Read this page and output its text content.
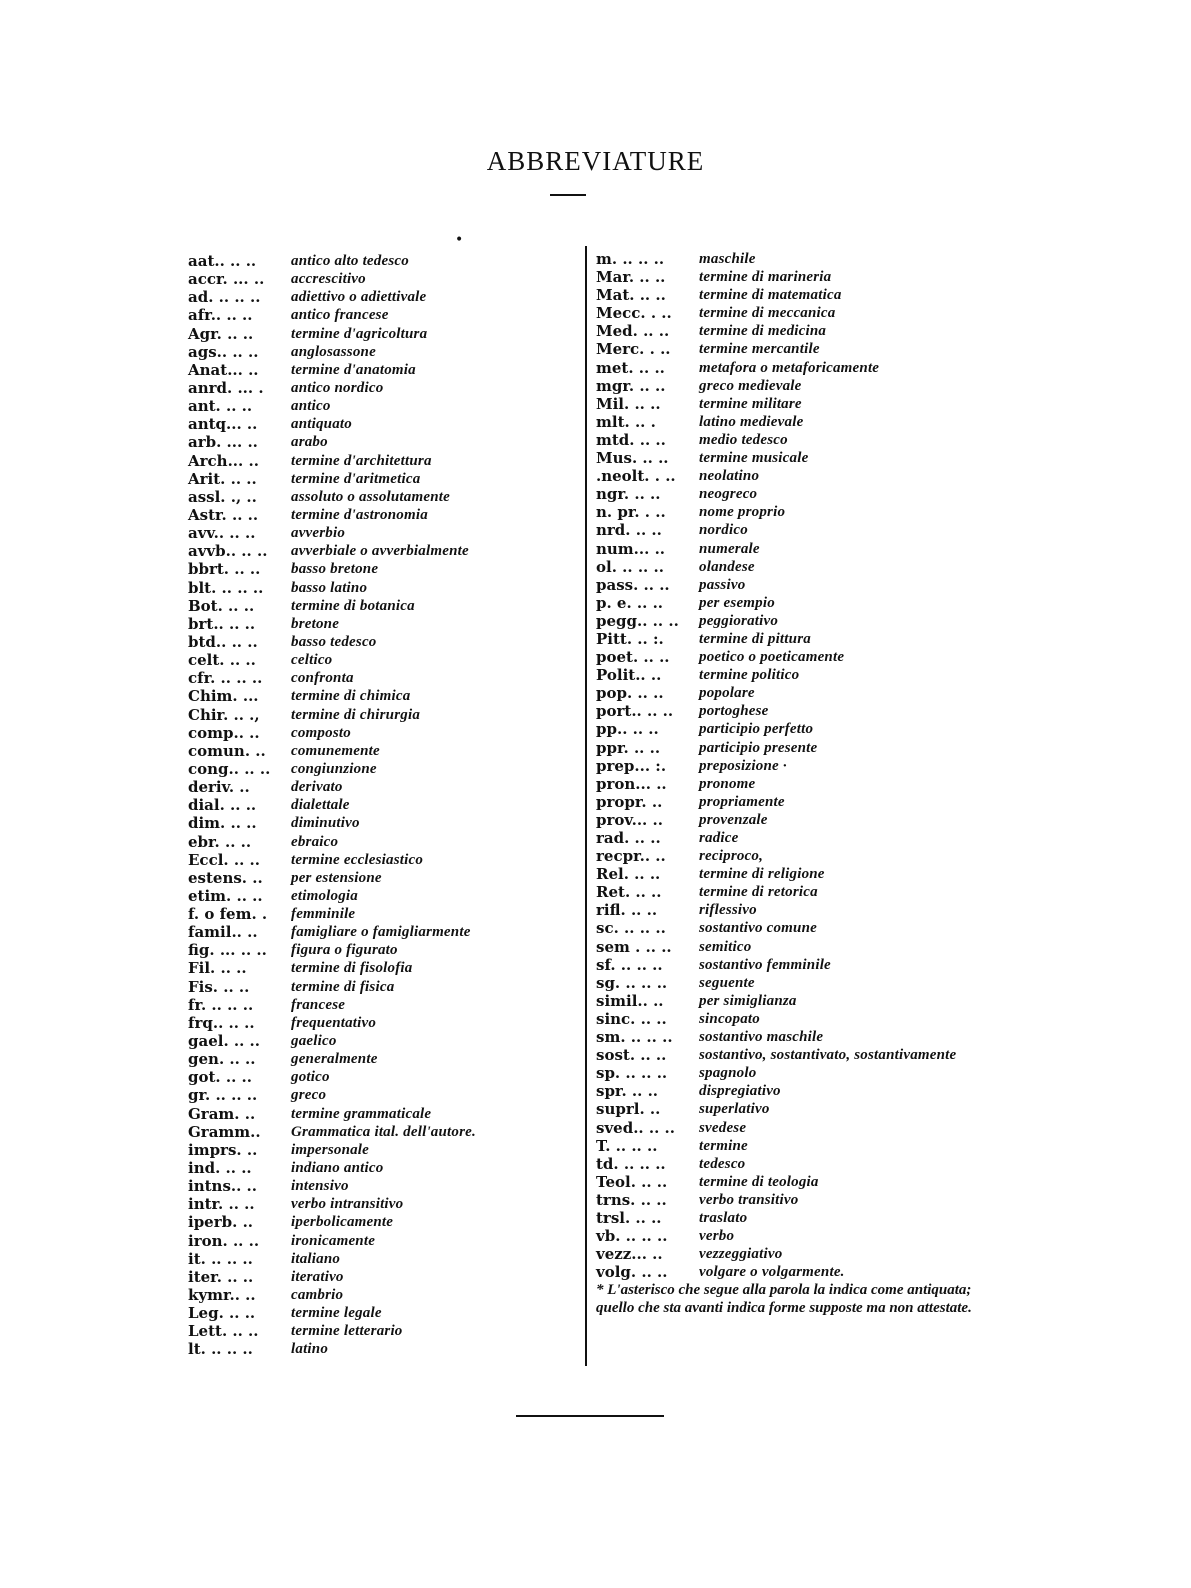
ABBREVIATURE
•
aat.. .. ..	antico alto tedesco
accr. ... ..	accrescitivo
ad. .. .. ..	adiettivo o adiettivale
afr.. .. ..	antico francese
Agr. .. ..	termine d'agricoltura
ags.. .. ..	anglosassone
Anat... ..	termine d'anatomia
anrd. ... .	antico nordico
ant. .. ..	antico
antq... ..	antiquato
arb. ... ..	arabo
Arch... ..	termine d'architettura
Arit. .. ..	termine d'aritmetica
assl. ., ..	assoluto o assolutamente
Astr. .. ..	termine d'astronomia
avv.. .. ..	avverbio
avvb.. .. ..	avverbiale o avverbialmente
bbrt. .. ..	basso bretone
blt. .. .. ..	basso latino
Bot. .. ..	termine di botanica
brt.. .. ..	bretone
btd.. .. ..	basso tedesco
celt. .. ..	celtico
cfr. .. .. ..	confronta
Chim. ...	termine di chimica
Chir. .. .,	termine di chirurgia
comp.. ..	composto
comun. ..	comunemente
cong.. .. ..	congiunzione
deriv. ..	derivato
dial. .. ..	dialettale
dim. .. ..	diminutivo
ebr. .. ..	ebraico
Eccl. .. ..	termine ecclesiastico
estens. ..	per estensione
etim. .. ..	etimologia
f. o fem. .	femminile
famil.. ..	famigliare o famigliarmente
fig. ... .. ..	figura o figurato
Fil. .. ..	termine di fisolofia
Fis. .. ..	termine di fisica
fr. .. .. ..	francese
frq.. .. ..	frequentativo
gael. .. ..	gaelico
gen. .. ..	generalmente
got. .. ..	gotico
gr. .. .. ..	greco
Gram. ..	termine grammaticale
Gramm..	Grammatica ital. dell'autore.
imprs. ..	impersonale
ind. .. ..	indiano antico
intns.. ..	intensivo
intr. .. ..	verbo intransitivo
iperb. ..	iperbolicamente
iron. .. ..	ironicamente
it. .. .. ..	italiano
iter. .. ..	iterativo
kymr.. ..	cambrio
Leg. .. ..	termine legale
Lett. .. ..	termine letterario
lt. .. .. ..	latino
m. .. .. ..	maschile
Mar. .. ..	termine di marineria
Mat. .. ..	termine di matematica
Mecc. . ..	termine di meccanica
Med. .. ..	termine di medicina
Merc. . ..	termine mercantile
met. .. ..	metafora o metaforicamente
mgr. .. ..	greco medievale
Mil. .. ..	termine militare
mlt. .. .	latino medievale
mtd. .. ..	medio tedesco
Mus. .. ..	termine musicale
.neolt. . ..	neolatino
ngr. .. ..	neogreco
n. pr. . ..	nome proprio
nrd. .. ..	nordico
num... ..	numerale
ol. .. .. ..	olandese
pass. .. ..	passivo
p. e. .. ..	per esempio
pegg.. .. ..	peggiorativo
Pitt. .. :.	termine di pittura
poet. .. ..	poetico o poeticamente
Polit.. ..	termine politico
pop. .. ..	popolare
port.. .. ..	portoghese
pp.. .. ..	participio perfetto
ppr. .. ..	participio presente
prep... :.	preposizione ·
pron... ..	pronome
propr. ..	propriamente
prov... ..	provenzale
rad. .. ..	radice
recpr.. ..	reciproco,
Rel. .. ..	termine di religione
Ret. .. ..	termine di retorica
rifl. .. ..	riflessivo
sc. .. .. ..	sostantivo comune
sem . .. ..	semitico
sf. .. .. ..	sostantivo femminile
sg. .. .. ..	seguente
simil.. ..	per simiglianza
sinc. .. ..	sincopato
sm. .. .. ..	sostantivo maschile
sost. .. ..	sostantivo, sostantivato, sostantivamente
sp. .. .. ..	spagnolo
spr. .. ..	dispregiativo
suprl. ..	superlativo
sved.. .. ..	svedese
T. .. .. ..	termine
td. .. .. ..	tedesco
Teol. .. ..	termine di teologia
trns. .. ..	verbo transitivo
trsl. .. ..	traslato
vb. .. .. ..	verbo
vezz... ..	vezzeggiativo
volg. .. ..	volgare o volgarmente.
* L'asterisco che segue alla parola la indica come antiquata; quello che sta avanti indica forme supposte ma non attestate.
